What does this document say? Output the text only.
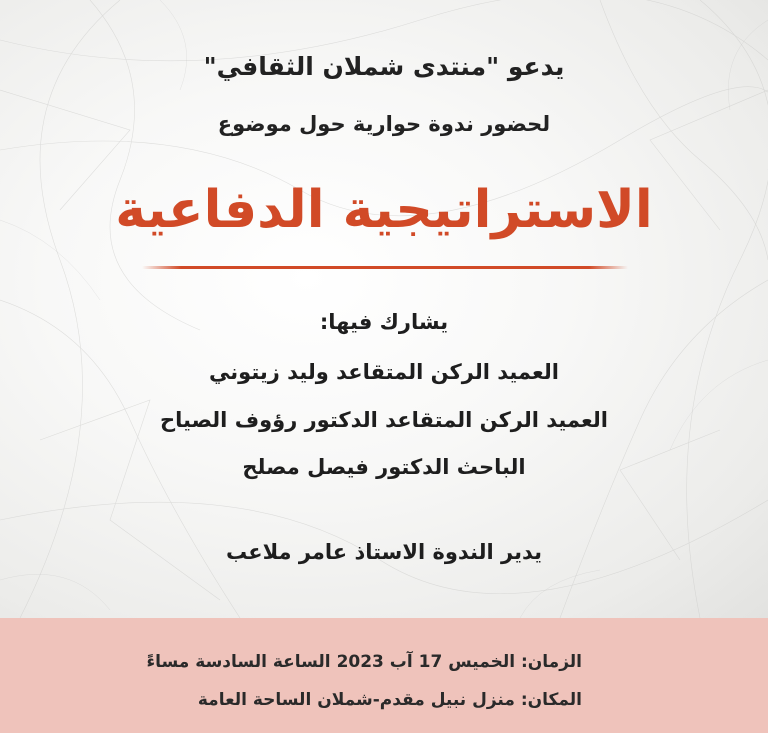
يدعو "منتدى شملان الثقافي"
لحضور ندوة حوارية حول موضوع
الاستراتيجية الدفاعية
يشارك فيها:
العميد الركن المتقاعد وليد زيتوني
العميد الركن المتقاعد الدكتور رؤوف الصياح
الباحث الدكتور فيصل مصلح
يدير الندوة الاستاذ عامر ملاعب
الزمان: الخميس 17 آب 2023 الساعة السادسة مساءً
المكان: منزل نبيل مقدم-شملان الساحة العامة
